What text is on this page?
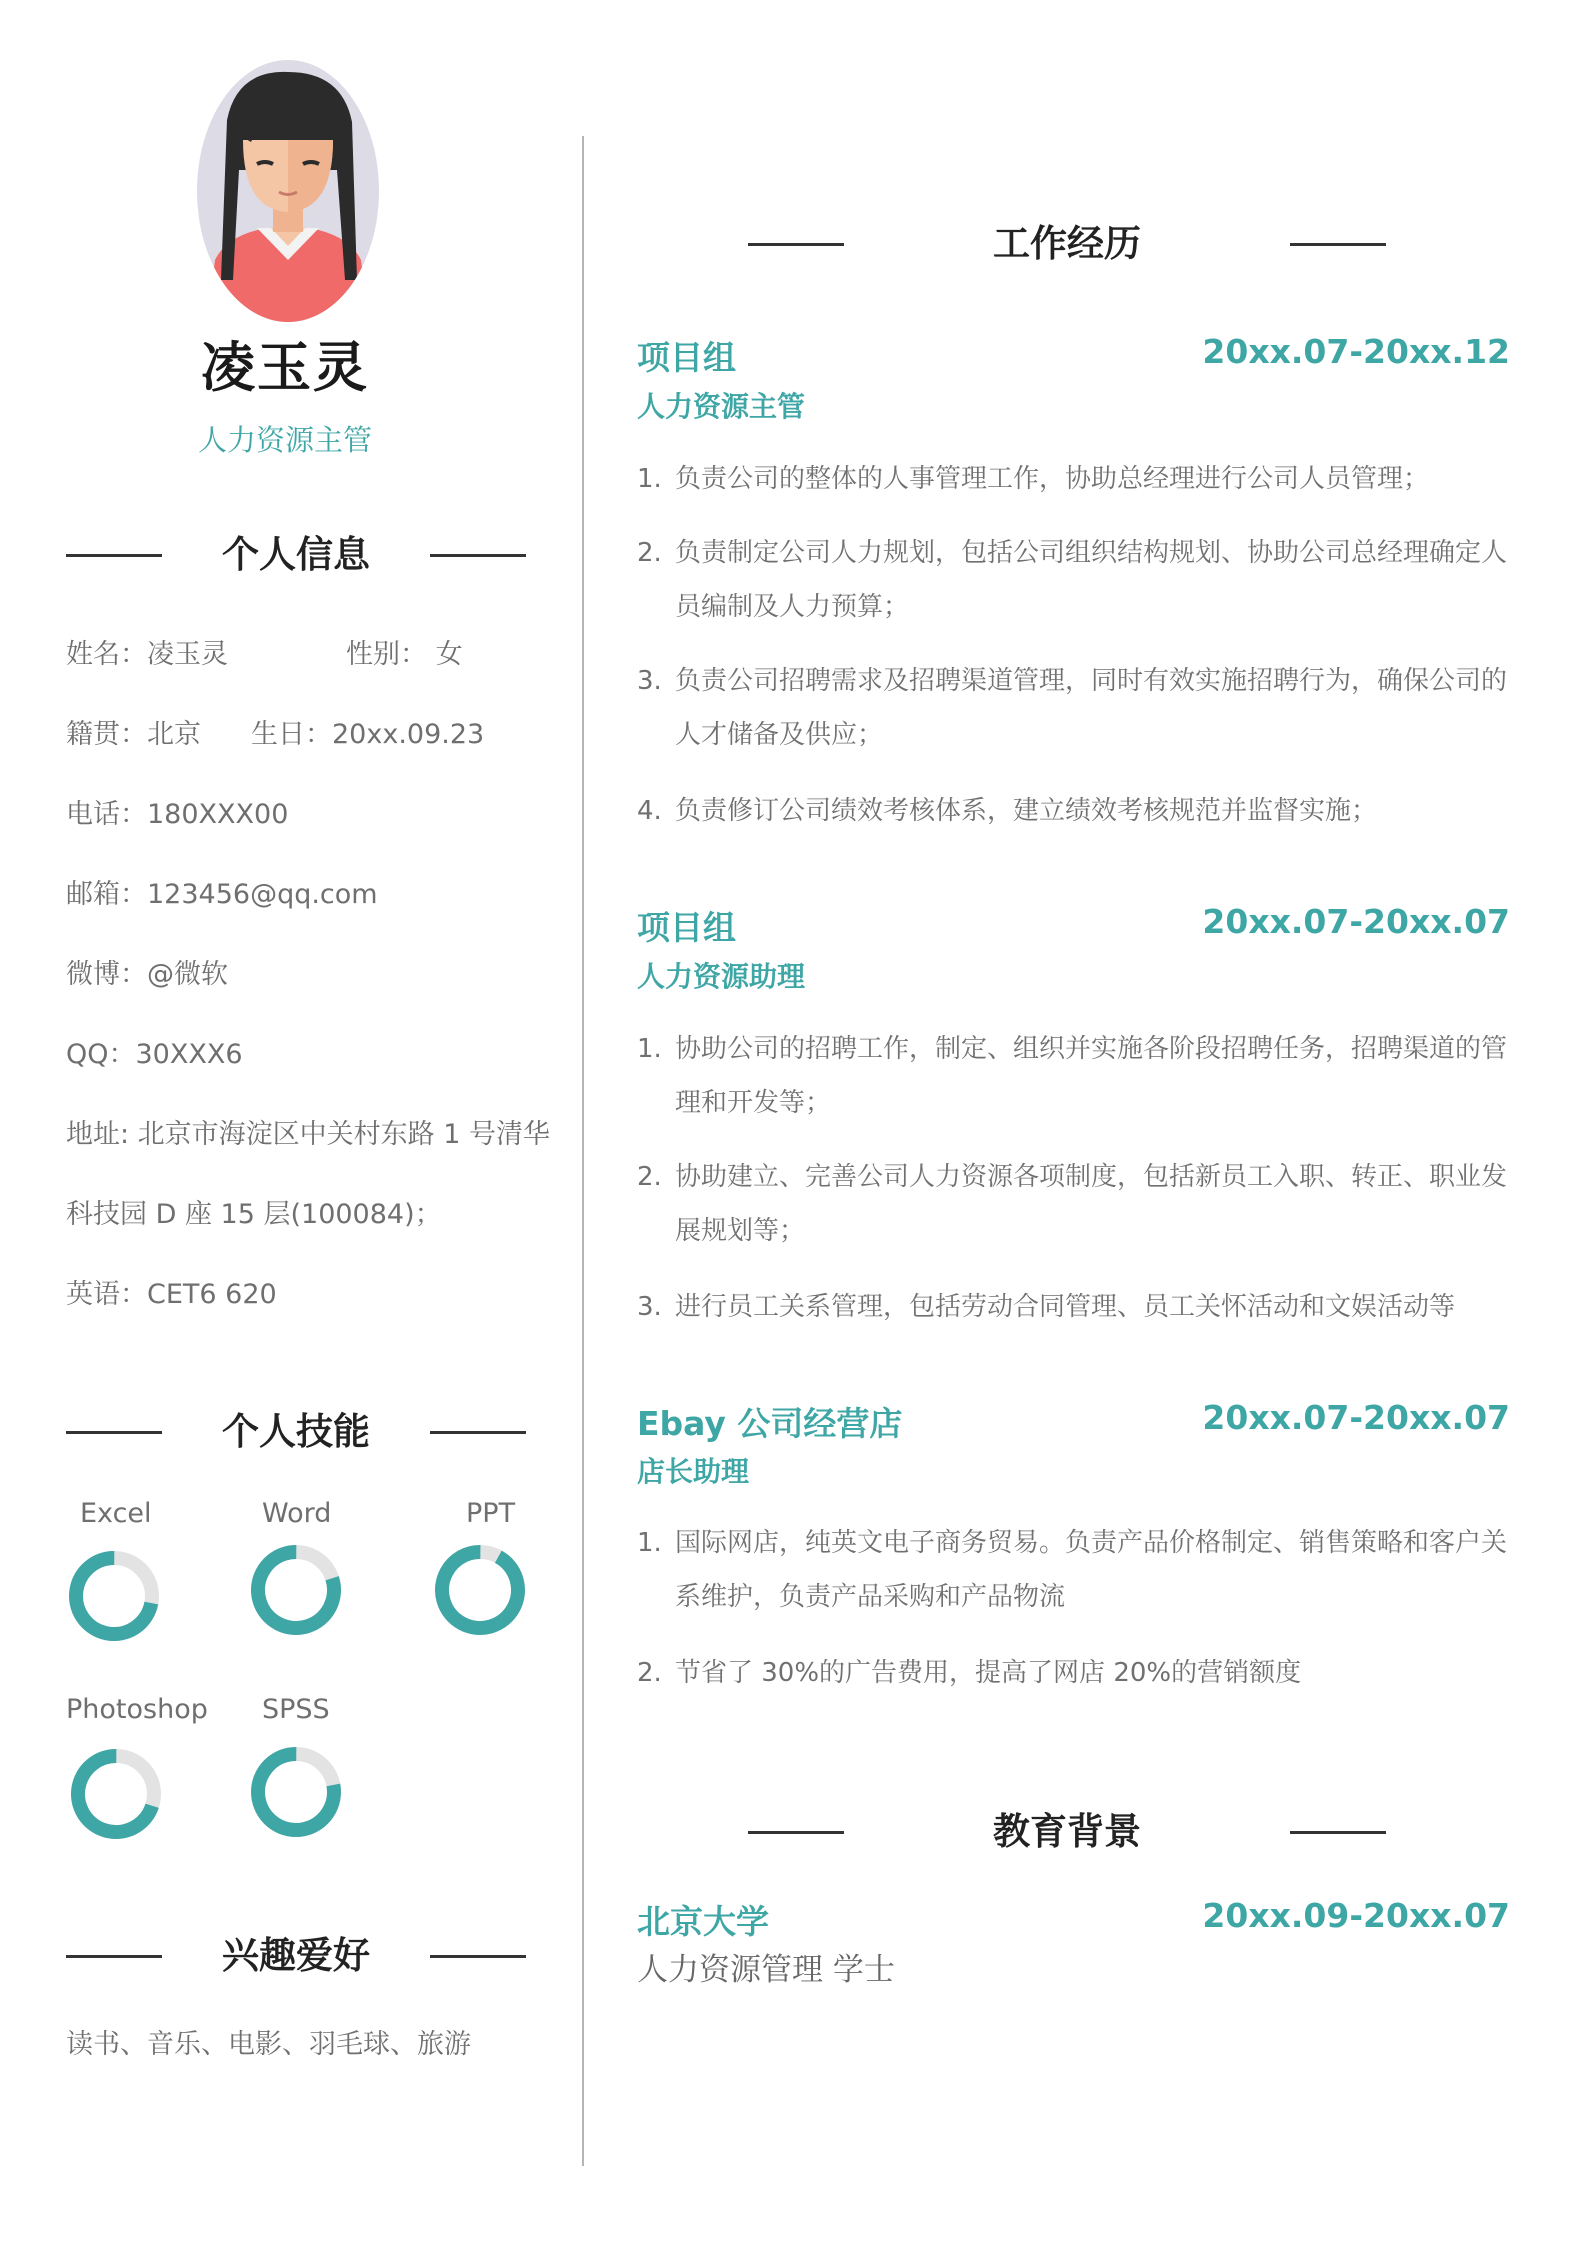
凌玉灵
人力资源主管
个人信息
姓名：凌玉灵	性别： 女
籍贯：北京 生日：20xx.09.23
电话：180XXX00
邮箱：123456@qq.com
微博：@微软
QQ：30XXX6
地址: 北京市海淀区中关村东路 1 号清华
科技园 D 座 15 层(100084)；
英语：CET6 620
个人技能
Excel	Word	PPT
Photoshop SPSS
兴趣爱好
读书、音乐、电影、羽毛球、旅游
工作经历
项目组	20xx.07-20xx.12
人力资源主管
1. 负责公司的整体的人事管理工作，协助总经理进行公司人员管理；
2. 负责制定公司人力规划，包括公司组织结构规划、协助公司总经理确定人员编制及人力预算；
3. 负责公司招聘需求及招聘渠道管理，同时有效实施招聘行为，确保公司的人才储备及供应；
4. 负责修订公司绩效考核体系，建立绩效考核规范并监督实施；
项目组	20xx.07-20xx.07
人力资源助理
1. 协助公司的招聘工作，制定、组织并实施各阶段招聘任务，招聘渠道的管理和开发等；
2. 协助建立、完善公司人力资源各项制度，包括新员工入职、转正、职业发展规划等；
3. 进行员工关系管理，包括劳动合同管理、员工关怀活动和文娱活动等
Ebay 公司经营店	20xx.07-20xx.07
店长助理
1. 国际网店，纯英文电子商务贸易。负责产品价格制定、销售策略和客户关系维护，负责产品采购和产品物流
2. 节省了 30%的广告费用，提高了网店 20%的营销额度
教育背景
北京大学	20xx.09-20xx.07
人力资源管理 学士
